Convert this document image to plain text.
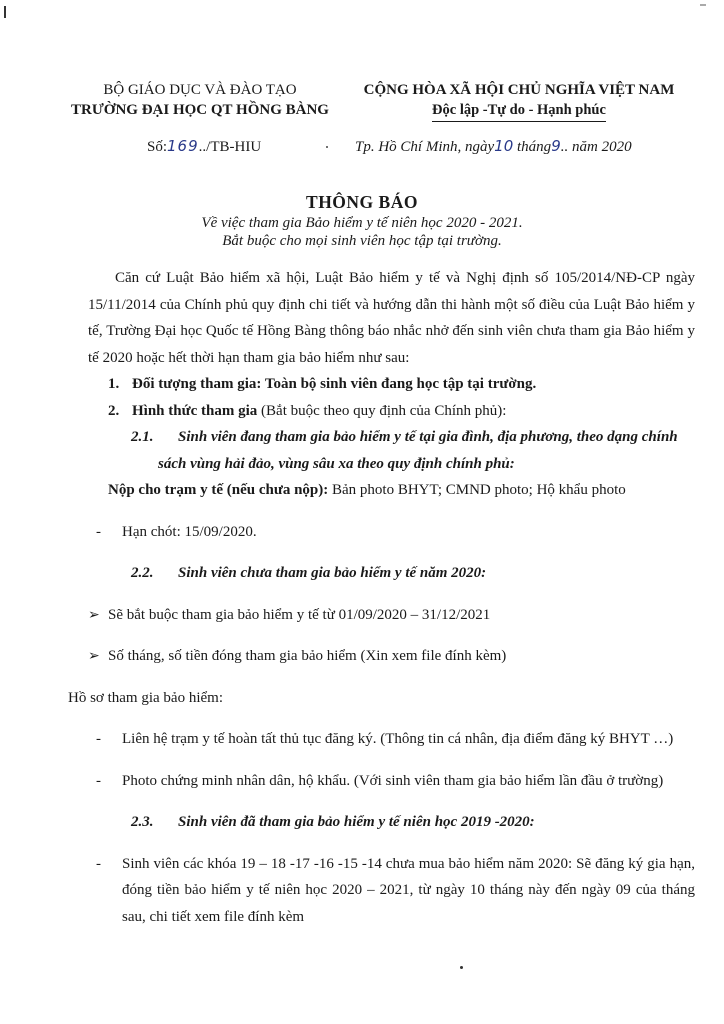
BỘ GIÁO DỤC VÀ ĐÀO TẠO
TRƯỜNG ĐẠI HỌC QT HỒNG BÀNG
CỘNG HÒA XÃ HỘI CHỦ NGHĨA VIỆT NAM
Độc lập -Tự do - Hạnh phúc
Số:169../TB-HIU	Tp. Hồ Chí Minh, ngày10 tháng9.. năm 2020
THÔNG BÁO
Về việc tham gia Bảo hiểm y tế niên học 2020 - 2021.
Bắt buộc cho mọi sinh viên học tập tại trường.

Căn cứ Luật Bảo hiểm xã hội, Luật Bảo hiểm y tế và Nghị định số 105/2014/NĐ-CP ngày 15/11/2014 của Chính phủ quy định chi tiết và hướng dẫn thi hành một số điều của Luật Bảo hiểm y tế, Trường Đại học Quốc tế Hồng Bàng thông báo nhắc nhở đến sinh viên chưa tham gia Bảo hiểm y tế 2020 hoặc hết thời hạn tham gia bảo hiểm như sau:

1. Đối tượng tham gia: Toàn bộ sinh viên đang học tập tại trường.

2. Hình thức tham gia (Bắt buộc theo quy định của Chính phủ):

2.1. Sinh viên đang tham gia bảo hiểm y tế tại gia đình, địa phương, theo dạng chính sách vùng hải đảo, vùng sâu xa theo quy định chính phủ:

Nộp cho trạm y tế (nếu chưa nộp): Bản photo BHYT; CMND photo; Hộ khẩu photo

- Hạn chót: 15/09/2020.

2.2. Sinh viên chưa tham gia bảo hiểm y tế năm 2020:

➢ Sẽ bắt buộc tham gia bảo hiểm y tế từ 01/09/2020 – 31/12/2021

➢ Số tháng, số tiền đóng tham gia bảo hiểm (Xin xem file đính kèm)

Hồ sơ tham gia bảo hiểm:

- Liên hệ trạm y tế hoàn tất thủ tục đăng ký. (Thông tin cá nhân, địa điểm đăng ký BHYT …)

- Photo chứng minh nhân dân, hộ khẩu. (Với sinh viên tham gia bảo hiểm lần đầu ở trường)

2.3. Sinh viên đã tham gia bảo hiểm y tế niên học 2019 -2020:

- Sinh viên các khóa 19 – 18 -17 -16 -15 -14 chưa mua bảo hiểm năm 2020: Sẽ đăng ký gia hạn, đóng tiền bảo hiểm y tế niên học 2020 – 2021, từ ngày 10 tháng này đến ngày 09 của tháng sau, chi tiết xem file đính kèm
